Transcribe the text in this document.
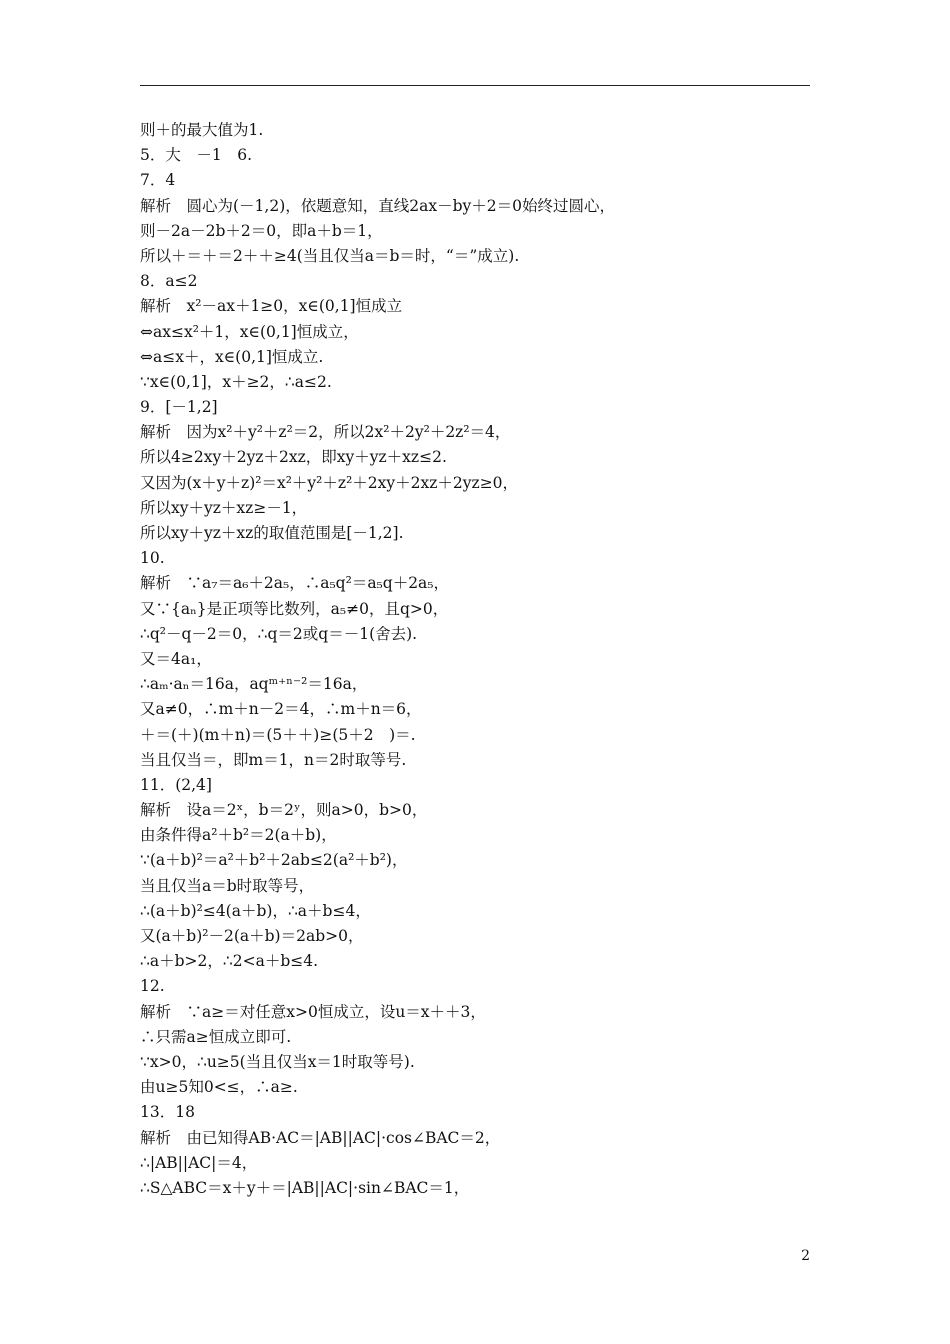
则＋的最大值为1.
5．大　－1　6.
7．4
解析　圆心为(－1,2)，依题意知，直线2ax－by＋2＝0始终过圆心，
则－2a－2b＋2＝0，即a＋b＝1，
所以＋＝＋＝2＋＋≥4(当且仅当a＝b＝时，“＝”成立).
8．a≤2
解析　x²－ax＋1≥0，x∈(0,1]恒成立
⇔ax≤x²＋1，x∈(0,1]恒成立，
⇔a≤x＋，x∈(0,1]恒成立.
∵x∈(0,1]，x＋≥2，∴a≤2.
9．[－1,2]
解析　因为x²＋y²＋z²＝2，所以2x²＋2y²＋2z²＝4，
所以4≥2xy＋2yz＋2xz，即xy＋yz＋xz≤2.
又因为(x＋y＋z)²＝x²＋y²＋z²＋2xy＋2xz＋2yz≥0，
所以xy＋yz＋xz≥－1，
所以xy＋yz＋xz的取值范围是[－1,2].
10.
解析　∵a₇＝a₆＋2a₅，∴a₅q²＝a₅q＋2a₅，
又∵{aₙ}是正项等比数列，a₅≠0，且q>0，
∴q²－q－2＝0，∴q＝2或q＝－1(舍去).
又＝4a₁，
∴aₘ·aₙ＝16a，aqᵐ⁺ⁿ⁻²＝16a，
又a≠0，∴m＋n－2＝4，∴m＋n＝6，
＋＝(＋)(m＋n)＝(5＋＋)≥(5＋2　)＝.
当且仅当＝，即m＝1，n＝2时取等号.
11．(2,4]
解析　设a＝2ˣ，b＝2ʸ，则a>0，b>0，
由条件得a²＋b²＝2(a＋b)，
∵(a＋b)²＝a²＋b²＋2ab≤2(a²＋b²)，
当且仅当a＝b时取等号，
∴(a＋b)²≤4(a＋b)，∴a＋b≤4，
又(a＋b)²－2(a＋b)＝2ab>0，
∴a＋b>2，∴2<a＋b≤4.
12.
解析　∵a≥＝对任意x>0恒成立，设u＝x＋＋3，
∴只需a≥恒成立即可.
∵x>0，∴u≥5(当且仅当x＝1时取等号).
由u≥5知0<≤，∴a≥.
13．18
解析　由已知得AB·AC＝|AB||AC|·cos∠BAC＝2，
∴|AB||AC|＝4，
∴S△ABC＝x＋y＋＝|AB||AC|·sin∠BAC＝1，
2
